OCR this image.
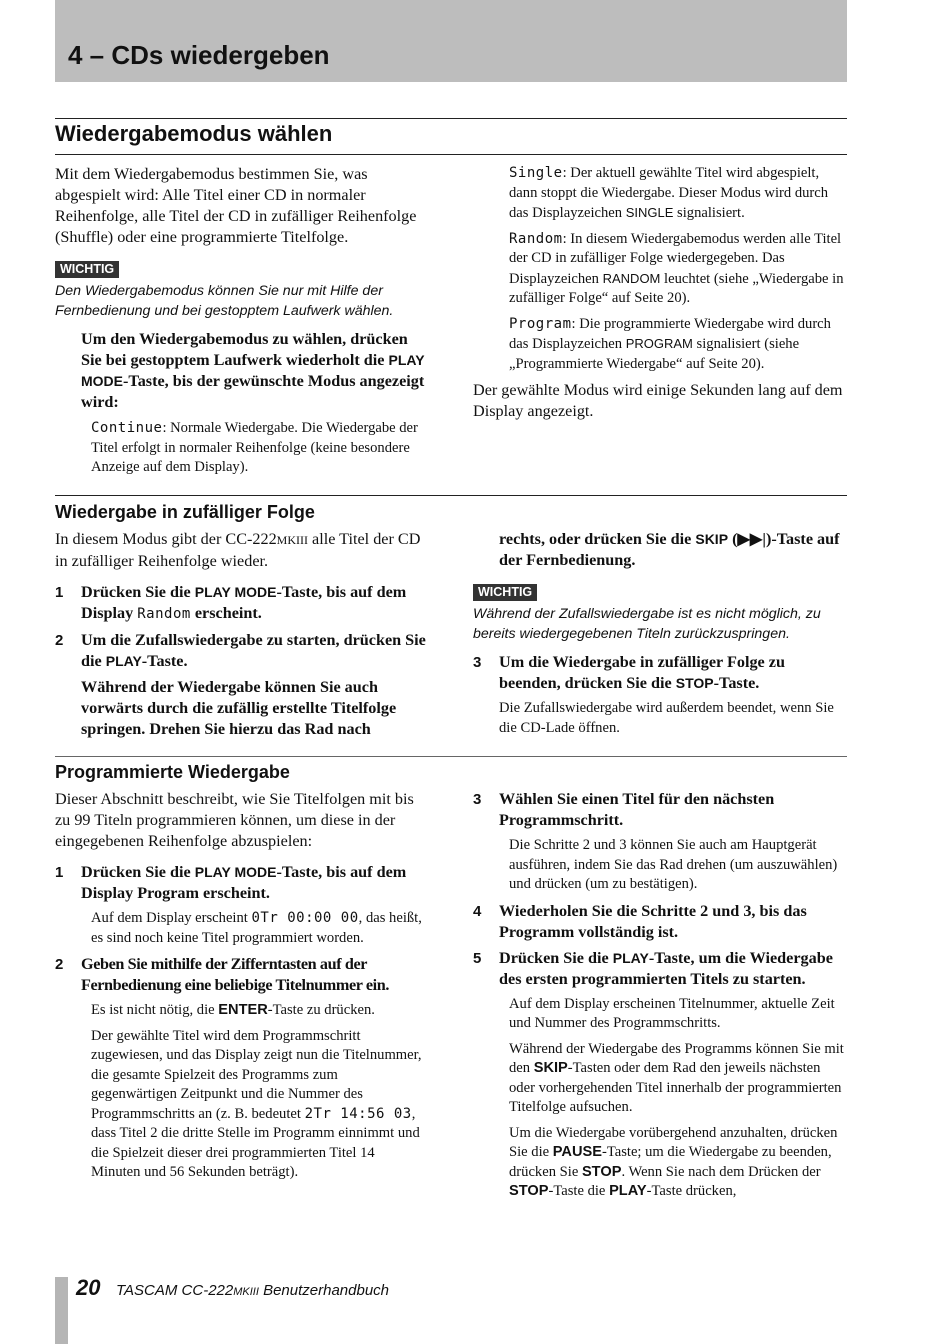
4 – CDs wiedergeben
Wiedergabemodus wählen

Mit dem Wiedergabemodus bestimmen Sie, was abgespielt wird: Alle Titel einer CD in normaler Reihenfolge, alle Titel der CD in zufälliger Reihenfolge (Shuffle) oder eine programmierte Titelfolge.

WICHTIG

Den Wiedergabemodus können Sie nur mit Hilfe der Fernbedienung und bei gestopptem Laufwerk wählen.

Um den Wiedergabemodus zu wählen, drücken Sie bei gestopptem Laufwerk wiederholt die PLAY MODE-Taste, bis der gewünschte Modus angezeigt wird:

Continue: Normale Wiedergabe. Die Wiedergabe der Titel erfolgt in normaler Reihenfolge (keine besondere Anzeige auf dem Display).

Single: Der aktuell gewählte Titel wird abgespielt, dann stoppt die Wiedergabe. Dieser Modus wird durch das Displayzeichen SINGLE signalisiert.

Random: In diesem Wiedergabemodus werden alle Titel der CD in zufälliger Folge wiedergegeben. Das Displayzeichen RANDOM leuchtet (siehe „Wiedergabe in zufälliger Folge“ auf Seite 20).

Program: Die programmierte Wiedergabe wird durch das Displayzeichen PROGRAM signalisiert (siehe „Programmierte Wiedergabe“ auf Seite 20).

Der gewählte Modus wird einige Sekunden lang auf dem Display angezeigt.

Wiedergabe in zufälliger Folge

In diesem Modus gibt der CC-222MKIII alle Titel der CD in zufälliger Reihenfolge wieder.

1 Drücken Sie die PLAY MODE-Taste, bis auf dem Display Random erscheint.
2 Um die Zufallswiedergabe zu starten, drücken Sie die PLAY-Taste.

Während der Wiedergabe können Sie auch vorwärts durch die zufällig erstellte Titelfolge springen. Drehen Sie hierzu das Rad nach

rechts, oder drücken Sie die SKIP (▶▶|)-Taste auf der Fernbedienung.

WICHTIG

Während der Zufallswiedergabe ist es nicht möglich, zu bereits wiedergegebenen Titeln zurückzuspringen.

3 Um die Wiedergabe in zufälliger Folge zu beenden, drücken Sie die STOP-Taste.

Die Zufallswiedergabe wird außerdem beendet, wenn Sie die CD-Lade öffnen.

Programmierte Wiedergabe

Dieser Abschnitt beschreibt, wie Sie Titelfolgen mit bis zu 99 Titeln programmieren können, um diese in der eingegebenen Reihenfolge abzuspielen:

1 Drücken Sie die PLAY MODE-Taste, bis auf dem Display Program erscheint.

Auf dem Display erscheint 0Tr 00:00 00, das heißt, es sind noch keine Titel programmiert worden.

2 Geben Sie mithilfe der Zifferntasten auf der Fernbedienung eine beliebige Titelnummer ein.

Es ist nicht nötig, die ENTER-Taste zu drücken.

Der gewählte Titel wird dem Programmschritt zugewiesen, und das Display zeigt nun die Titelnummer, die gesamte Spielzeit des Programms zum gegenwärtigen Zeitpunkt und die Nummer des Programmschritts an (z. B. bedeutet 2Tr 14:56 03, dass Titel 2 die dritte Stelle im Programm einnimmt und die Spielzeit dieser drei programmierten Titel 14 Minuten und 56 Sekunden beträgt).

3 Wählen Sie einen Titel für den nächsten Programmschritt.

Die Schritte 2 und 3 können Sie auch am Hauptgerät ausführen, indem Sie das Rad drehen (um auszuwählen) und drücken (um zu bestätigen).

4 Wiederholen Sie die Schritte 2 und 3, bis das Programm vollständig ist.
5 Drücken Sie die PLAY-Taste, um die Wiedergabe des ersten programmierten Titels zu starten.

Auf dem Display erscheinen Titelnummer, aktuelle Zeit und Nummer des Programmschritts.

Während der Wiedergabe des Programms können Sie mit den SKIP-Tasten oder dem Rad den jeweils nächsten oder vorhergehenden Titel innerhalb der programmierten Titelfolge aufsuchen.

Um die Wiedergabe vorübergehend anzuhalten, drücken Sie die PAUSE-Taste; um die Wiedergabe zu beenden, drücken Sie STOP. Wenn Sie nach dem Drücken der STOP-Taste die PLAY-Taste drücken,

20 TASCAM CC-222MKIII Benutzerhandbuch
